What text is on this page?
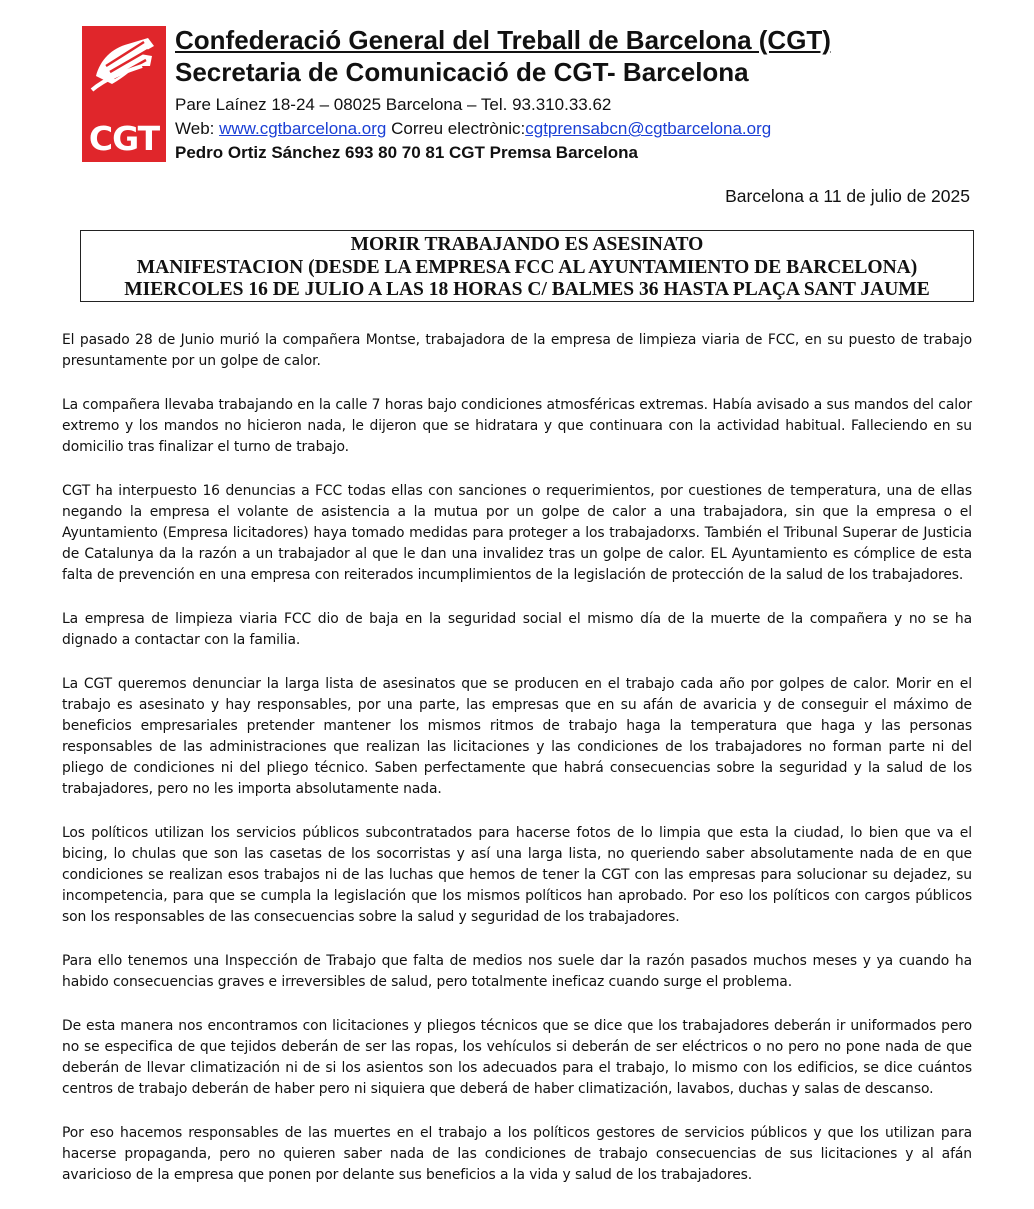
CGT
Confederació General del Treball de Barcelona (CGT)
Secretaria de Comunicació de CGT- Barcelona
Pare Laínez 18-24 – 08025 Barcelona – Tel. 93.310.33.62
Web: www.cgtbarcelona.org Correu electrònic:cgtprensabcn@cgtbarcelona.org
Pedro Ortiz Sánchez 693 80 70 81 CGT Premsa Barcelona
Barcelona a 11 de julio de 2025
MORIR TRABAJANDO ES ASESINATO
MANIFESTACION (DESDE LA EMPRESA FCC AL AYUNTAMIENTO DE BARCELONA)
MIERCOLES 16 DE JULIO A LAS 18 HORAS C/ BALMES 36 HASTA PLAÇA SANT JAUME

El pasado 28 de Junio murió la compañera Montse, trabajadora de la empresa de limpieza viaria de FCC, en su puesto de trabajo presuntamente por un golpe de calor.

La compañera llevaba trabajando en la calle 7 horas bajo condiciones atmosféricas extremas. Había avisado a sus mandos del calor extremo y los mandos no hicieron nada, le dijeron que se hidratara y que continuara con la actividad habitual. Falleciendo en su domicilio tras finalizar el turno de trabajo.

CGT ha interpuesto 16 denuncias a FCC todas ellas con sanciones o requerimientos, por cuestiones de temperatura, una de ellas negando la empresa el volante de asistencia a la mutua por un golpe de calor a una trabajadora, sin que la empresa o el Ayuntamiento (Empresa licitadores) haya tomado medidas para proteger a los trabajadorxs. También el Tribunal Superar de Justicia de Catalunya da la razón a un trabajador al que le dan una invalidez tras un golpe de calor. EL Ayuntamiento es cómplice de esta falta de prevención en una empresa con reiterados incumplimientos de la legislación de protección de la salud de los trabajadores.

La empresa de limpieza viaria FCC dio de baja en la seguridad social el mismo día de la muerte de la compañera y no se ha dignado a contactar con la familia.

La CGT queremos denunciar la larga lista de asesinatos que se producen en el trabajo cada año por golpes de calor. Morir en el trabajo es asesinato y hay responsables, por una parte, las empresas que en su afán de avaricia y de conseguir el máximo de beneficios empresariales pretender mantener los mismos ritmos de trabajo haga la temperatura que haga y las personas responsables de las administraciones que realizan las licitaciones y las condiciones de los trabajadores no forman parte ni del pliego de condiciones ni del pliego técnico. Saben perfectamente que habrá consecuencias sobre la seguridad y la salud de los trabajadores, pero no les importa absolutamente nada.

Los políticos utilizan los servicios públicos subcontratados para hacerse fotos de lo limpia que esta la ciudad, lo bien que va el bicing, lo chulas que son las casetas de los socorristas y así una larga lista, no queriendo saber absolutamente nada de en que condiciones se realizan esos trabajos ni de las luchas que hemos de tener la CGT con las empresas para solucionar su dejadez, su incompetencia, para que se cumpla la legislación que los mismos políticos han aprobado. Por eso los políticos con cargos públicos son los responsables de las consecuencias sobre la salud y seguridad de los trabajadores.

Para ello tenemos una Inspección de Trabajo que falta de medios nos suele dar la razón pasados muchos meses y ya cuando ha habido consecuencias graves e irreversibles de salud, pero totalmente ineficaz cuando surge el problema.

De esta manera nos encontramos con licitaciones y pliegos técnicos que se dice que los trabajadores deberán ir uniformados pero no se especifica de que tejidos deberán de ser las ropas, los vehículos si deberán de ser eléctricos o no pero no pone nada de que deberán de llevar climatización ni de si los asientos son los adecuados para el trabajo, lo mismo con los edificios, se dice cuántos centros de trabajo deberán de haber pero ni siquiera que deberá de haber climatización, lavabos, duchas y salas de descanso.

Por eso hacemos responsables de las muertes en el trabajo a los políticos gestores de servicios públicos y que los utilizan para hacerse propaganda, pero no quieren saber nada de las condiciones de trabajo consecuencias de sus licitaciones y al afán avaricioso de la empresa que ponen por delante sus beneficios a la vida y salud de los trabajadores.
